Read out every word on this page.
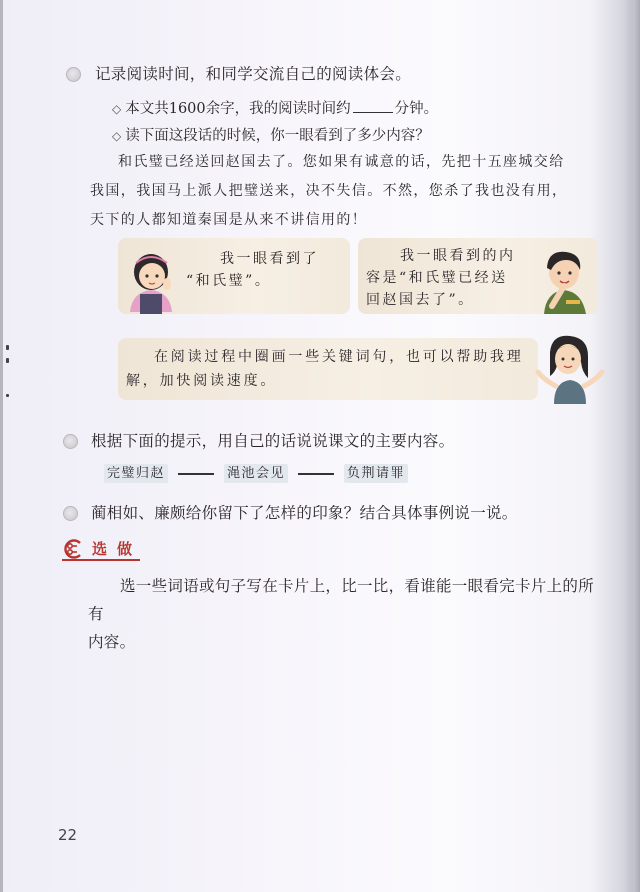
记录阅读时间，和同学交流自己的阅读体会。
◇ 本文共1600余字，我的阅读时间约	分钟。
◇ 读下面这段话的时候，你一眼看到了多少内容？

和氏璧已经送回赵国去了。您如果有诚意的话，先把十五座城交给

我国，我国马上派人把璧送来，决不失信。不然，您杀了我也没有用，

天下的人都知道秦国是从来不讲信用的！

我一眼看到了
“和氏璧”。
我一眼看到的内
容是“和氏璧已经送
回赵国去了”。
在阅读过程中圈画一些关键词句，也可以帮助我理
解，加快阅读速度。
根据下面的提示，用自己的话说说课文的主要内容。
完璧归赵	渑池会见	负荆请罪
蔺相如、廉颇给你留下了怎样的印象？结合具体事例说一说。
选做

选一些词语或句子写在卡片上，比一比，看谁能一眼看完卡片上的所有

内容。

22
